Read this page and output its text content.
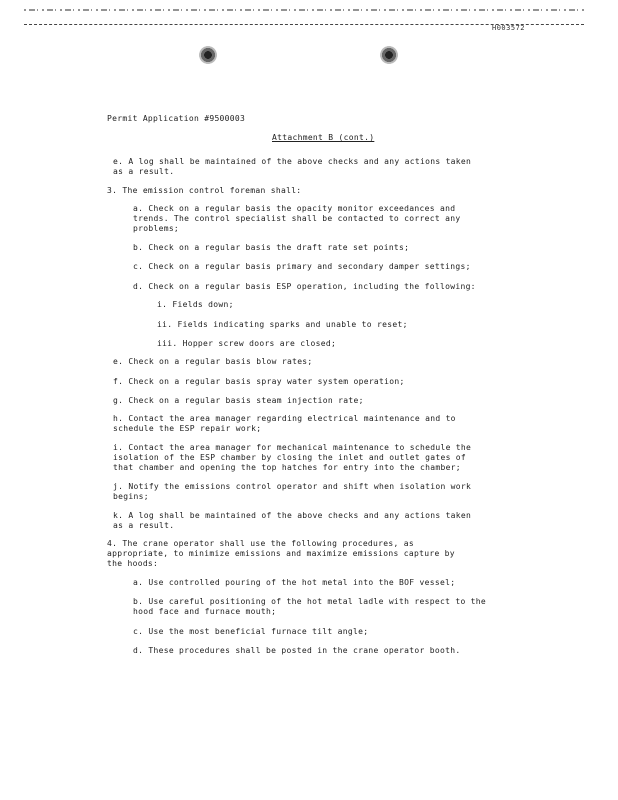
H003572
Permit Application #9500003
Attachment B (cont.)
e. A log shall be maintained of the above checks and any actions taken
as a result.
3. The emission control foreman shall:
a. Check on a regular basis the opacity monitor exceedances and
trends. The control specialist shall be contacted to correct any
problems;
b. Check on a regular basis the draft rate set points;
c. Check on a regular basis primary and secondary damper settings;
d. Check on a regular basis ESP operation, including the following:
i. Fields down;
ii. Fields indicating sparks and unable to reset;
iii. Hopper screw doors are closed;
e. Check on a regular basis blow rates;
f. Check on a regular basis spray water system operation;
g. Check on a regular basis steam injection rate;
h. Contact the area manager regarding electrical maintenance and to
schedule the ESP repair work;
i. Contact the area manager for mechanical maintenance to schedule the
isolation of the ESP chamber by closing the inlet and outlet gates of
that chamber and opening the top hatches for entry into the chamber;
j. Notify the emissions control operator and shift when isolation work
begins;
k. A log shall be maintained of the above checks and any actions taken
as a result.
4. The crane operator shall use the following procedures, as
appropriate, to minimize emissions and maximize emissions capture by
the hoods:
a. Use controlled pouring of the hot metal into the BOF vessel;
b. Use careful positioning of the hot metal ladle with respect to the
hood face and furnace mouth;
c. Use the most beneficial furnace tilt angle;
d. These procedures shall be posted in the crane operator booth.
